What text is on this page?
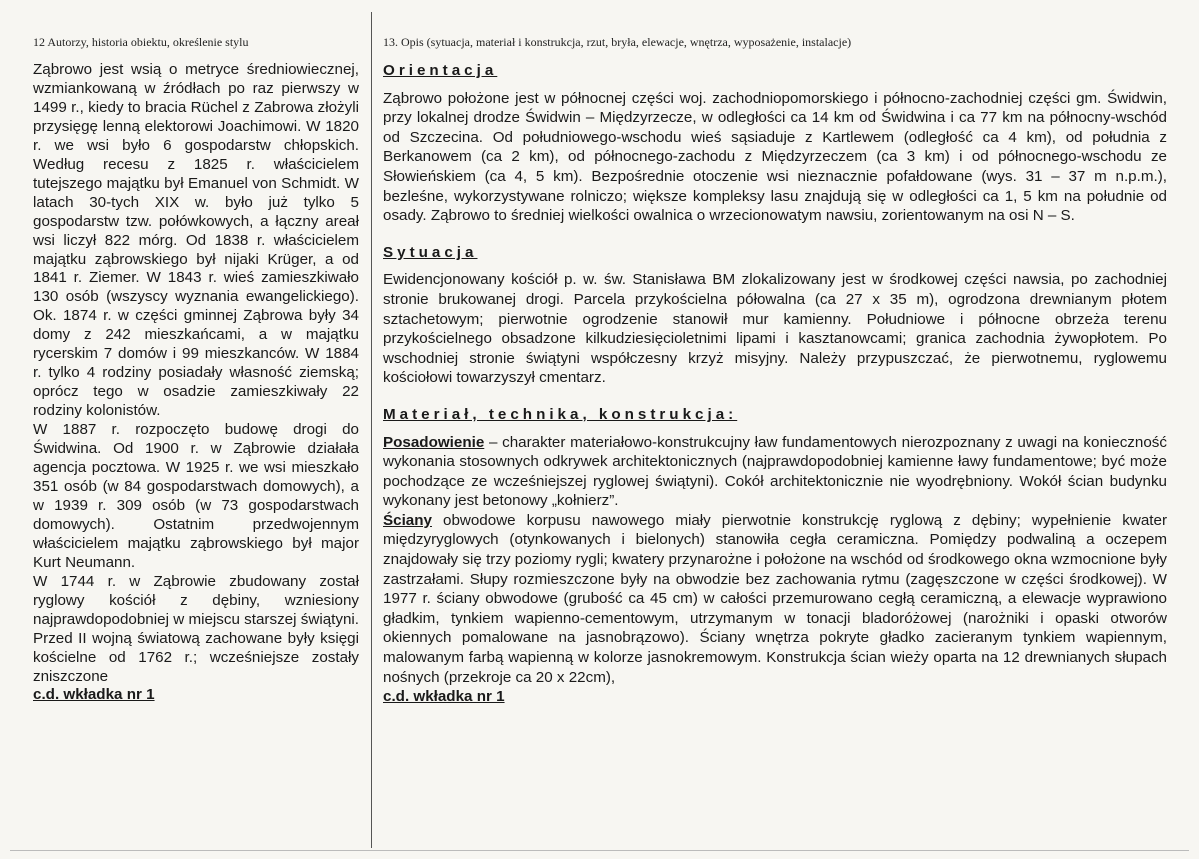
12 Autorzy, historia obiektu, określenie stylu	13. Opis (sytuacja, materiał i konstrukcja, rzut, bryła, elewacje, wnętrza, wyposażenie, instalacje)

Ząbrowo jest wsią o metryce średniowiecznej, wzmiankowaną w źródłach po raz pierwszy w 1499 r., kiedy to bracia Rüchel z Zabrowa złożyli przysięgę lenną elektorowi Joachimowi. W 1820 r. we wsi było 6 gospodarstw chłopskich. Według recesu z 1825 r. właścicielem tutejszego majątku był Emanuel von Schmidt. W latach 30-tych XIX w. było już tylko 5 gospodarstw tzw. połówkowych, a łączny areał wsi liczył 822 mórg. Od 1838 r. właścicielem majątku ząbrowskiego był nijaki Krüger, a od 1841 r. Ziemer. W 1843 r. wieś zamieszkiwało 130 osób (wszyscy wyznania ewangelickiego). Ok. 1874 r. w części gminnej Ząbrowa były 34 domy z 242 mieszkańcami, a w majątku rycerskim 7 domów i 99 mieszkanców. W 1884 r. tylko 4 rodziny posiadały własność ziemską; oprócz tego w osadzie zamieszkiwały 22 rodziny kolonistów.

W 1887 r. rozpoczęto budowę drogi do Świdwina. Od 1900 r. w Ząbrowie działała agencja pocztowa. W 1925 r. we wsi mieszkało 351 osób (w 84 gospodarstwach domowych), a w 1939 r. 309 osób (w 73 gospodarstwach domowych). Ostatnim przedwojennym właścicielem majątku ząbrowskiego był major Kurt Neumann.

W 1744 r. w Ząbrowie zbudowany został ryglowy kościół z dębiny, wzniesiony najprawdopodobniej w miejscu starszej świątyni. Przed II wojną światową zachowane były księgi kościelne od 1762 r.; wcześniejsze zostały zniszczone

c.d. wkładka nr 1
Orientacja

Ząbrowo położone jest w północnej części woj. zachodniopomorskiego i północno-zachodniej części gm. Świdwin, przy lokalnej drodze Świdwin – Międzyrzecze, w odległości ca 14 km od Świdwina i ca 77 km na północny-wschód od Szczecina. Od południowego-wschodu wieś sąsiaduje z Kartlewem (odległość ca 4 km), od południa z Berkanowem (ca 2 km), od północnego-zachodu z Międzyrzeczem (ca 3 km) i od północnego-wschodu ze Słowieńskiem (ca 4, 5 km). Bezpośrednie otoczenie wsi nieznacznie pofałdowane (wys. 31 – 37 m n.p.m.), bezleśne, wykorzystywane rolniczo; większe kompleksy lasu znajdują się w odległości ca 1, 5 km na południe od osady. Ząbrowo to średniej wielkości owalnica o wrzecionowatym nawsiu, zorientowanym na osi N – S.

Sytuacja

Ewidencjonowany kościół p. w. św. Stanisława BM zlokalizowany jest w środkowej części nawsia, po zachodniej stronie brukowanej drogi. Parcela przykościelna półowalna (ca 27 x 35 m), ogrodzona drewnianym płotem sztachetowym; pierwotnie ogrodzenie stanowił mur kamienny. Południowe i północne obrzeża terenu przykościelnego obsadzone kilkudziesięcioletnimi lipami i kasztanowcami; granica zachodnia żywopłotem. Po wschodniej stronie świątyni współczesny krzyż misyjny. Należy przypuszczać, że pierwotnemu, ryglowemu kościołowi towarzyszył cmentarz.

Materiał, technika, konstrukcja:

Posadowienie – charakter materiałowo-konstrukcujny ław fundamentowych nierozpoznany z uwagi na konieczność wykonania stosownych odkrywek architektonicznych (najprawdopodobniej kamienne ławy fundamentowe; być może pochodzące ze wcześniejszej ryglowej świątyni). Cokół architektonicznie nie wyodrębniony. Wokół ścian budynku wykonany jest betonowy „kołnierz”.

Ściany obwodowe korpusu nawowego miały pierwotnie konstrukcję ryglową z dębiny; wypełnienie kwater międzyryglowych (otynkowanych i bielonych) stanowiła cegła ceramiczna. Pomiędzy podwaliną a oczepem znajdowały się trzy poziomy rygli; kwatery przynarożne i położone na wschód od środkowego okna wzmocnione były zastrzałami. Słupy rozmieszczone były na obwodzie bez zachowania rytmu (zagęszczone w części środkowej). W 1977 r. ściany obwodowe (grubość ca 45 cm) w całości przemurowano cegłą ceramiczną, a elewacje wyprawiono gładkim, tynkiem wapienno-cementowym, utrzymanym w tonacji bladoróżowej (narożniki i opaski otworów okiennych pomalowane na jasnobrązowo). Ściany wnętrza pokryte gładko zacieranym tynkiem wapiennym, malowanym farbą wapienną w kolorze jasnokremowym. Konstrukcja ścian wieży oparta na 12 drewnianych słupach nośnych (przekroje ca 20 x 22cm),

c.d. wkładka nr 1
